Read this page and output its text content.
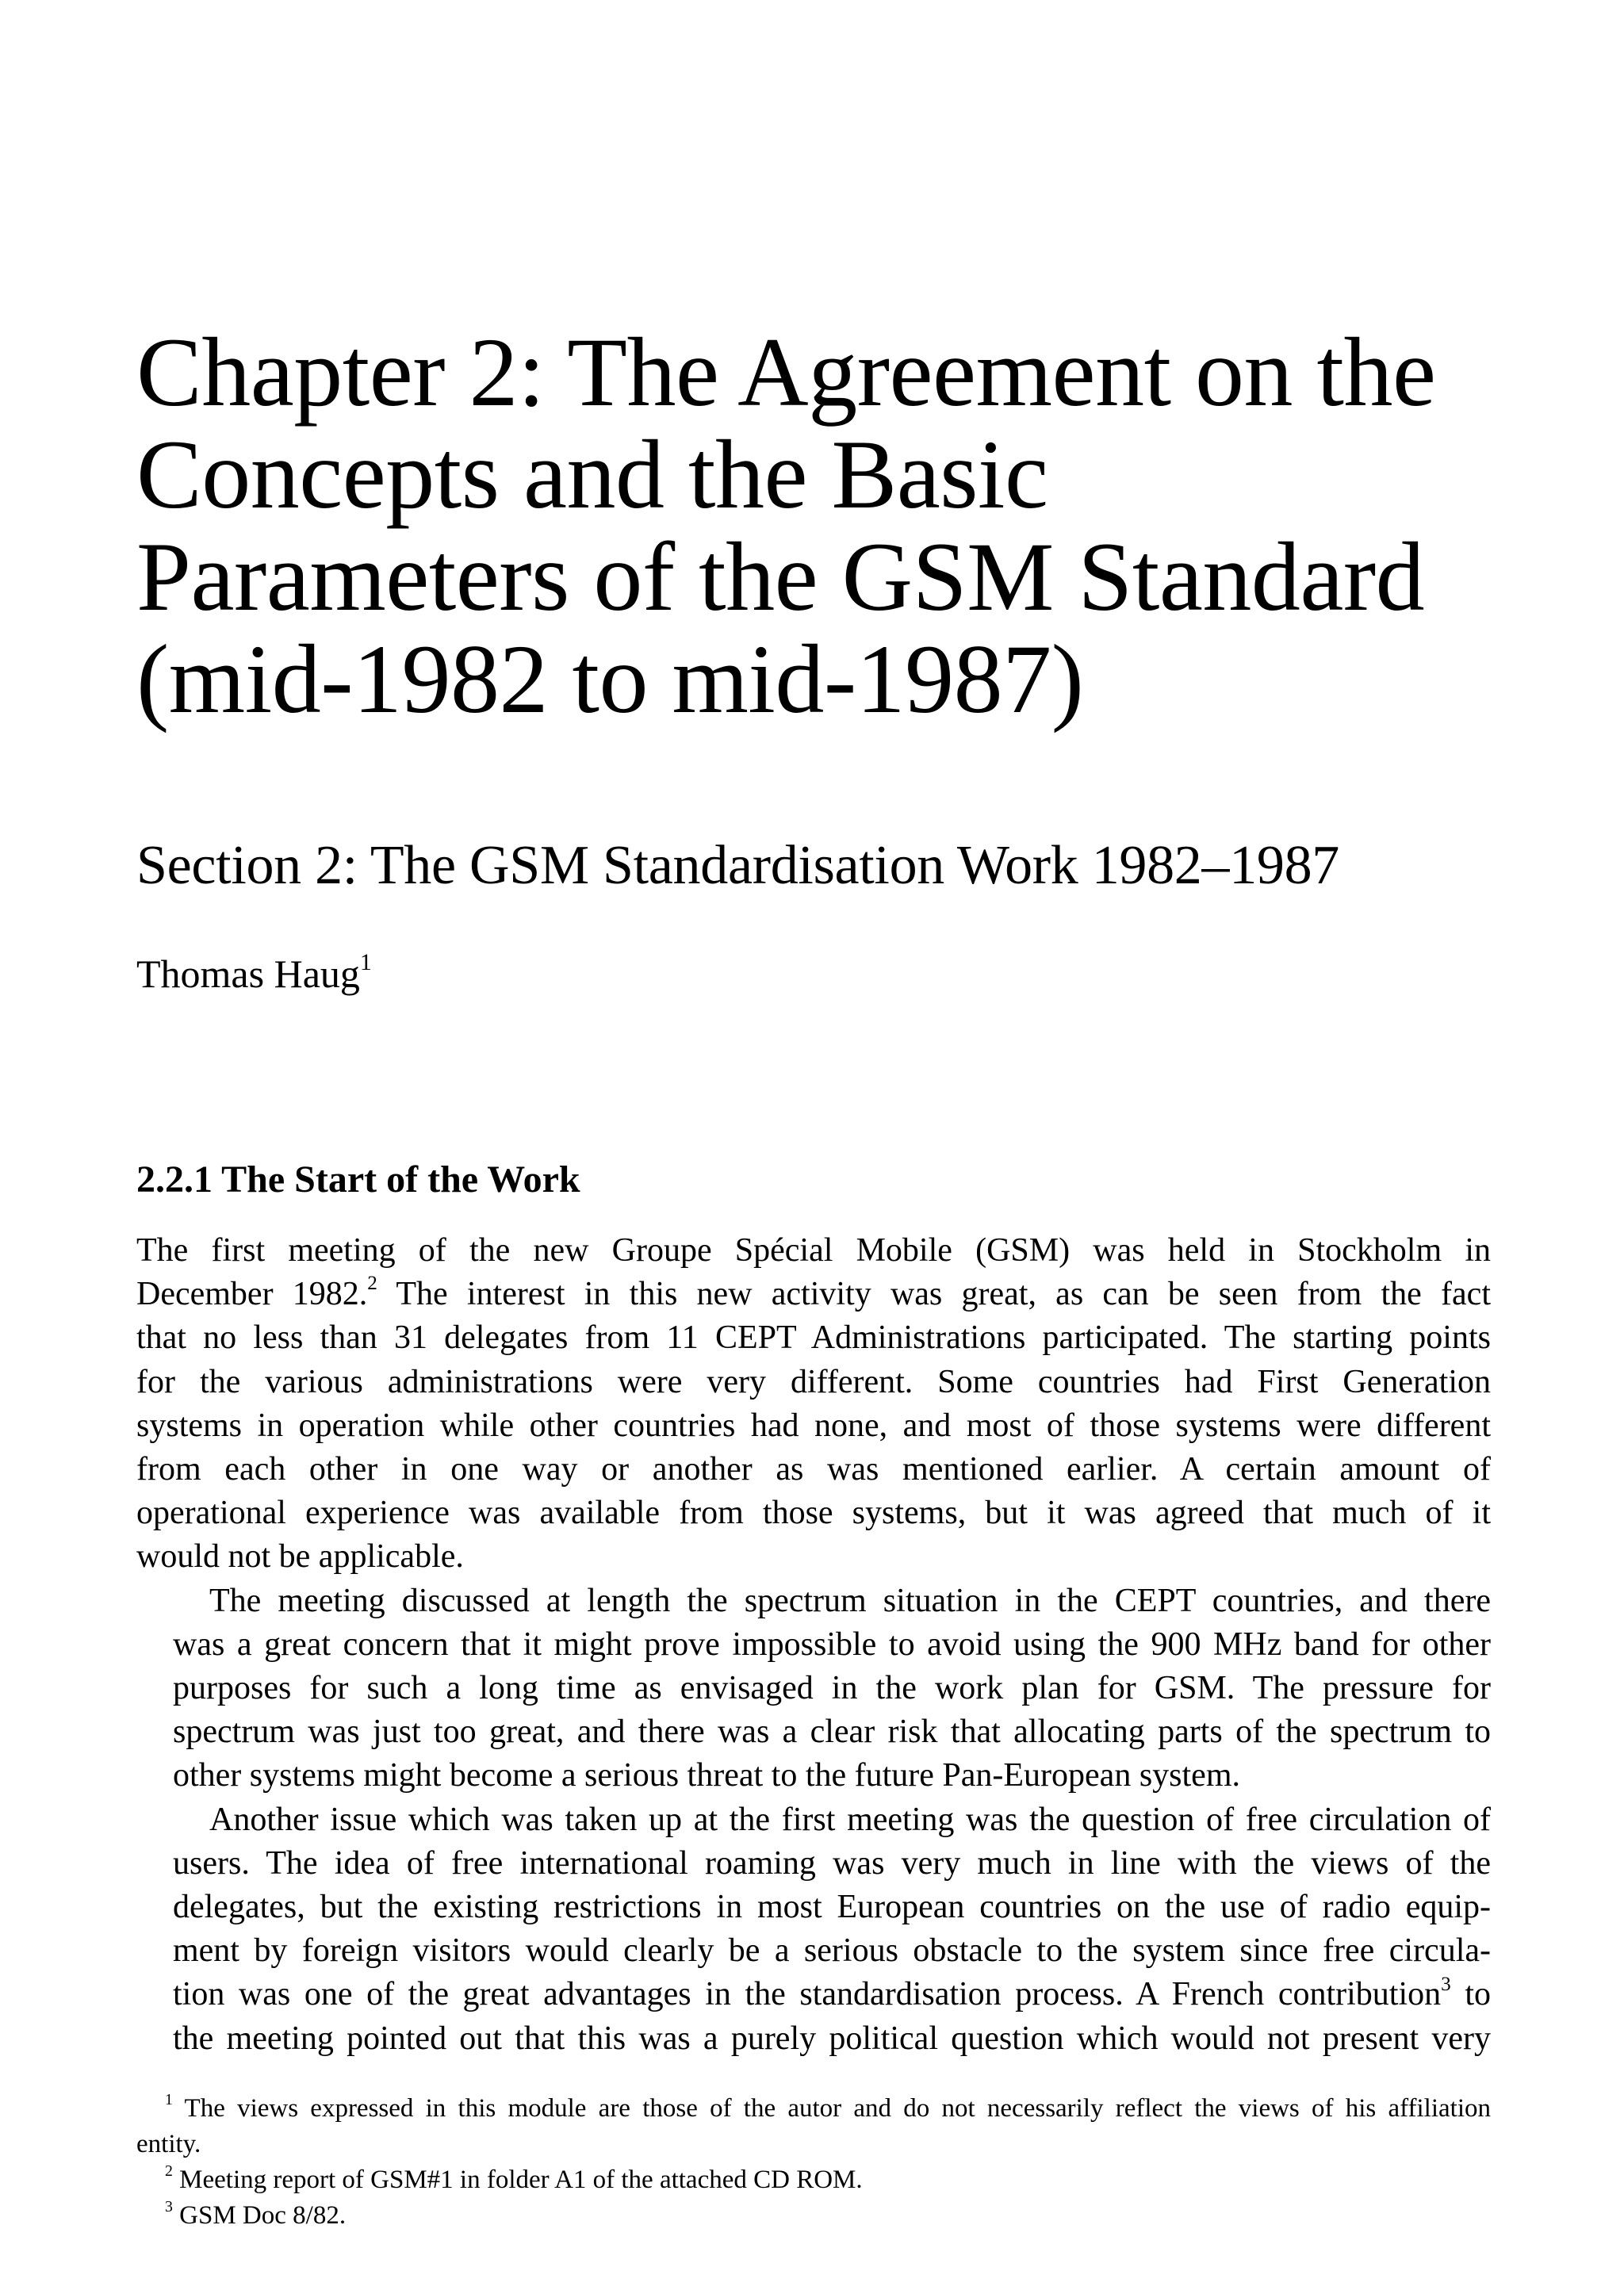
Chapter 2: The Agreement on the
Concepts and the Basic
Parameters of the GSM Standard
(mid-1982 to mid-1987)
Section 2: The GSM Standardisation Work 1982–1987
Thomas Haug$^1$
2.2.1 The Start of the Work

The first meeting of the new Groupe Spécial Mobile (GSM) was held in Stockholm in
December 1982.$^2$ The interest in this new activity was great, as can be seen from the fact
that no less than 31 delegates from 11 CEPT Administrations participated. The starting points
for the various administrations were very different. Some countries had First Generation
systems in operation while other countries had none, and most of those systems were different
from each other in one way or another as was mentioned earlier. A certain amount of
operational experience was available from those systems, but it was agreed that much of it
would not be applicable.

The meeting discussed at length the spectrum situation in the CEPT countries, and there
was a great concern that it might prove impossible to avoid using the 900 MHz band for other
purposes for such a long time as envisaged in the work plan for GSM. The pressure for
spectrum was just too great, and there was a clear risk that allocating parts of the spectrum to
other systems might become a serious threat to the future Pan-European system.

Another issue which was taken up at the first meeting was the question of free circulation of
users. The idea of free international roaming was very much in line with the views of the
delegates, but the existing restrictions in most European countries on the use of radio equip-
ment by foreign visitors would clearly be a serious obstacle to the system since free circula-
tion was one of the great advantages in the standardisation process. A French contribution$^3$ to
the meeting pointed out that this was a purely political question which would not present very

$^1$ The views expressed in this module are those of the autor and do not necessarily reflect the views of his affiliation
entity.

$^2$ Meeting report of GSM#1 in folder A1 of the attached CD ROM.

$^3$ GSM Doc 8/82.
